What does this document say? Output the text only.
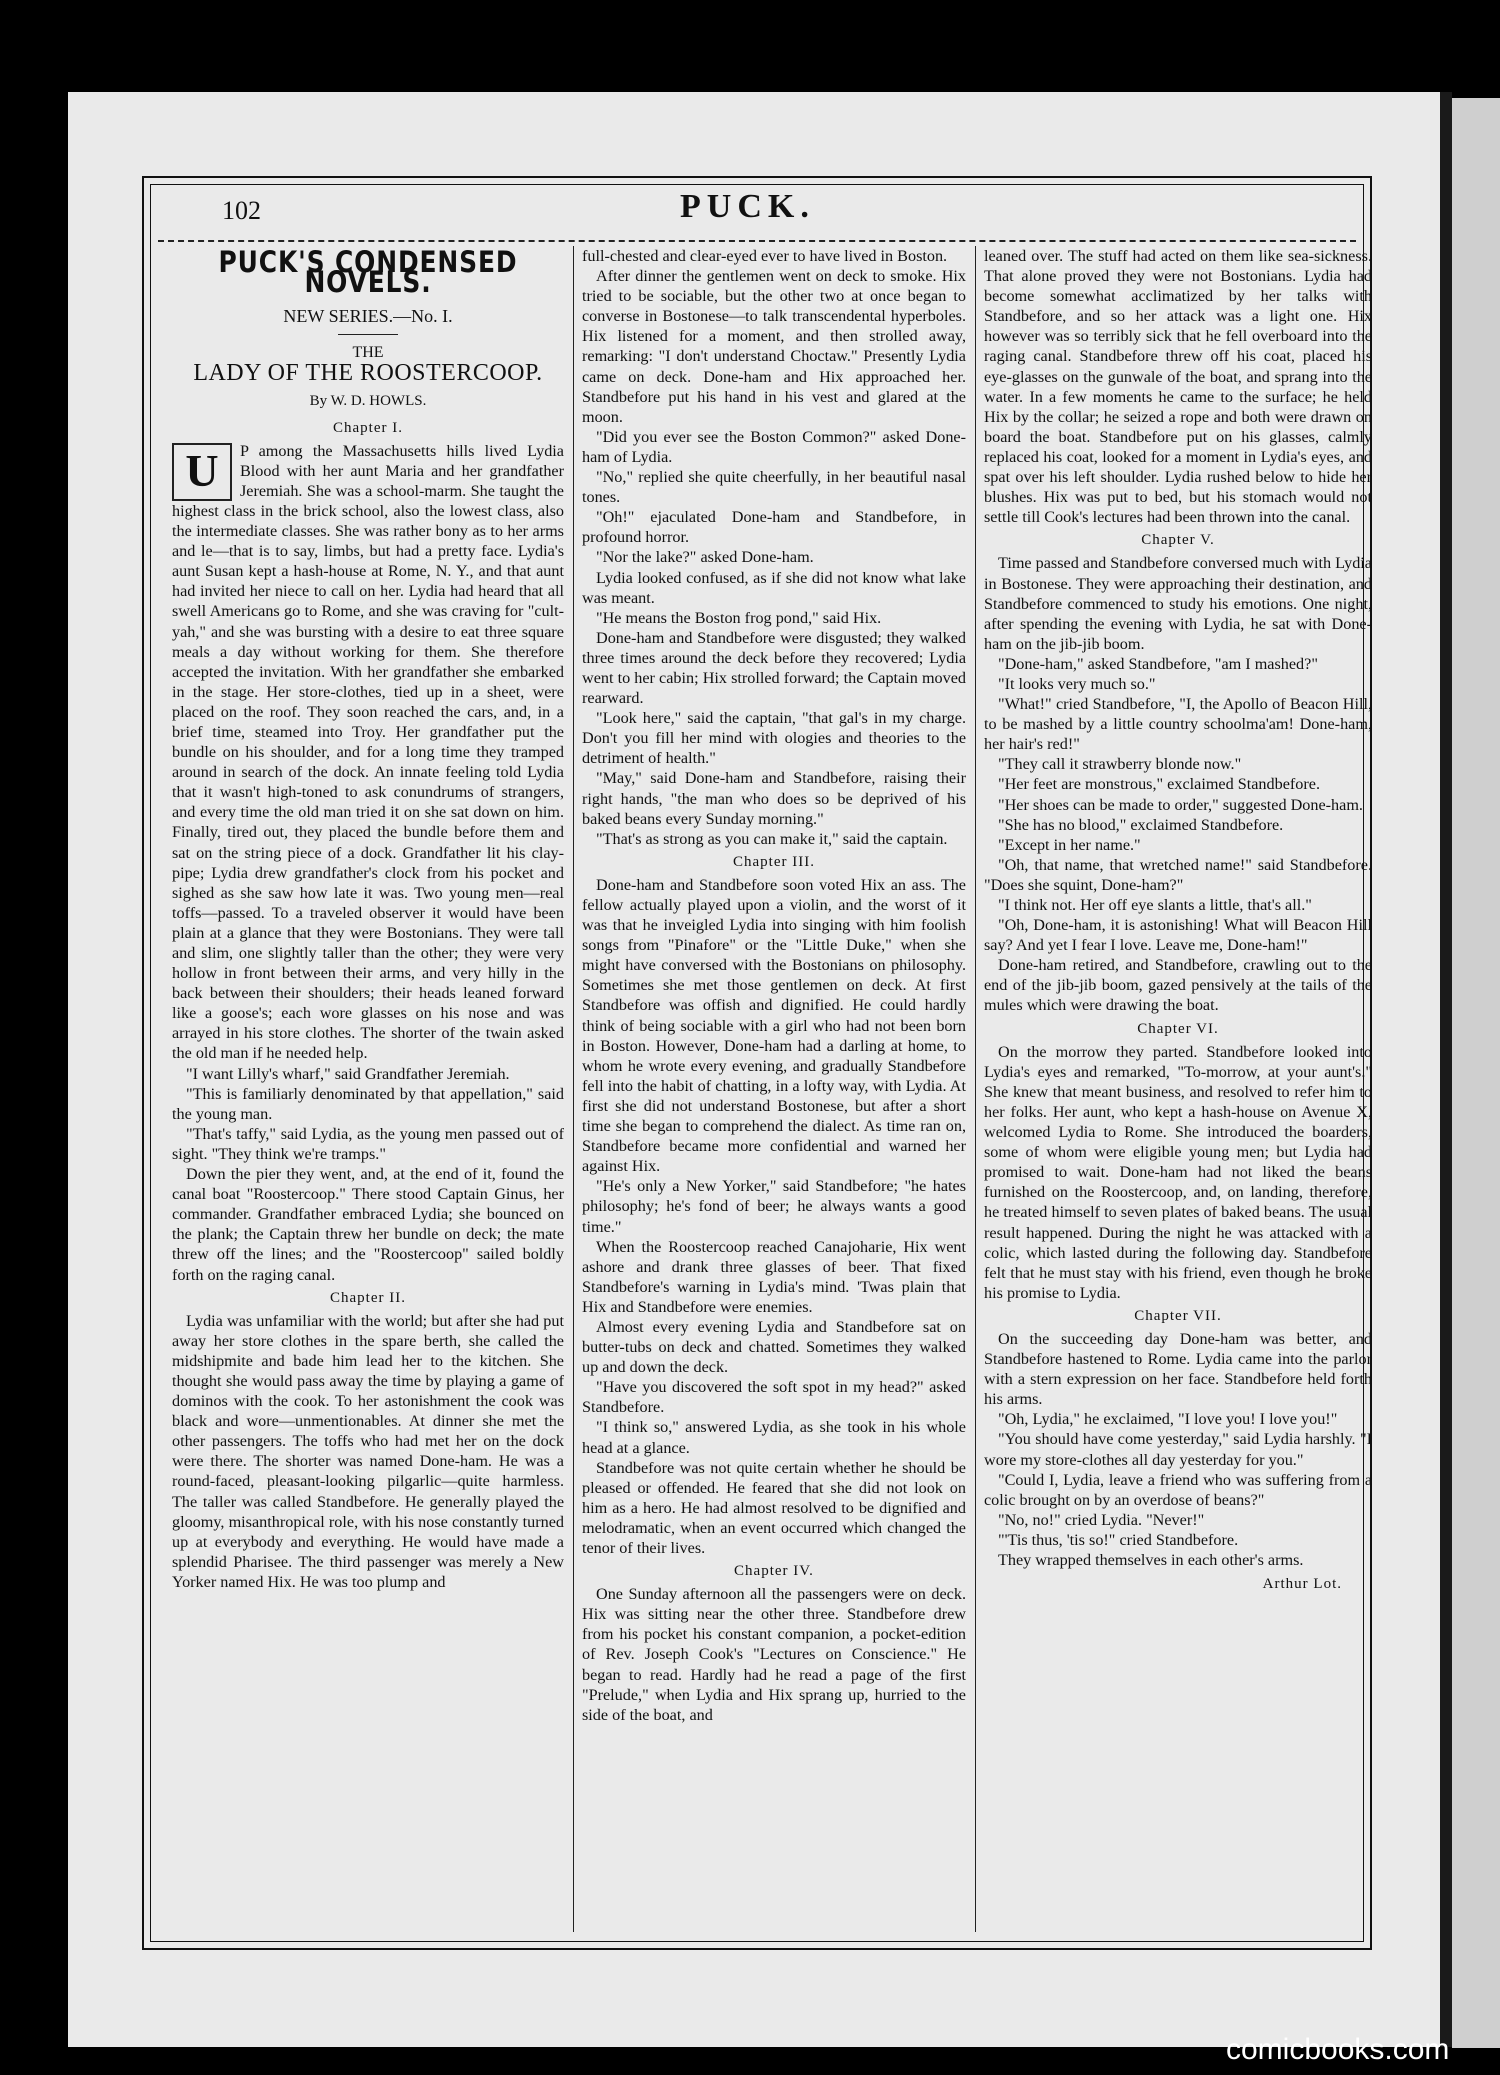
102	PUCK.
PUCK'S CONDENSED NOVELS.
NEW SERIES.—No. I.
THE
LADY OF THE ROOSTERCOOP.
By W. D. HOWLS.
Chapter I.

U	P among the Massachusetts hills lived Lydia Blood with her aunt Maria and her grandfather Jeremiah. She was a school-marm. She taught the highest class in the brick school, also the lowest class, also the intermediate classes. She was rather bony as to her arms and le—that is to say, limbs, but had a pretty face. Lydia's aunt Susan kept a hash-house at Rome, N. Y., and that aunt had invited her niece to call on her. Lydia had heard that all swell Americans go to Rome, and she was craving for "cult-yah," and she was bursting with a desire to eat three square meals a day without working for them. She therefore accepted the invitation. With her grandfather she embarked in the stage. Her store-clothes, tied up in a sheet, were placed on the roof. They soon reached the cars, and, in a brief time, steamed into Troy. Her grandfather put the bundle on his shoulder, and for a long time they tramped around in search of the dock. An innate feeling told Lydia that it wasn't high-toned to ask conundrums of strangers, and every time the old man tried it on she sat down on him. Finally, tired out, they placed the bundle before them and sat on the string piece of a dock. Grandfather lit his clay-pipe; Lydia drew grandfather's clock from his pocket and sighed as she saw how late it was. Two young men—real toffs—passed. To a traveled observer it would have been plain at a glance that they were Bostonians. They were tall and slim, one slightly taller than the other; they were very hollow in front between their arms, and very hilly in the back between their shoulders; their heads leaned forward like a goose's; each wore glasses on his nose and was arrayed in his store clothes. The shorter of the twain asked the old man if he needed help.

"I want Lilly's wharf," said Grandfather Jeremiah.

"This is familiarly denominated by that appellation," said the young man.

"That's taffy," said Lydia, as the young men passed out of sight. "They think we're tramps."

Down the pier they went, and, at the end of it, found the canal boat "Roostercoop." There stood Captain Ginus, her commander. Grandfather embraced Lydia; she bounced on the plank; the Captain threw her bundle on deck; the mate threw off the lines; and the "Roostercoop" sailed boldly forth on the raging canal.

Chapter II.

Lydia was unfamiliar with the world; but after she had put away her store clothes in the spare berth, she called the midshipmite and bade him lead her to the kitchen. She thought she would pass away the time by playing a game of dominos with the cook. To her astonishment the cook was black and wore—unmentionables. At dinner she met the other passengers. The toffs who had met her on the dock were there. The shorter was named Done-ham. He was a round-faced, pleasant-looking pilgarlic—quite harmless. The taller was called Standbefore. He generally played the gloomy, misanthropical role, with his nose constantly turned up at everybody and everything. He would have made a splendid Pharisee. The third passenger was merely a New Yorker named Hix. He was too plump and

full-chested and clear-eyed ever to have lived in Boston.

After dinner the gentlemen went on deck to smoke. Hix tried to be sociable, but the other two at once began to converse in Bostonese—to talk transcendental hyperboles. Hix listened for a moment, and then strolled away, remarking: "I don't understand Choctaw." Presently Lydia came on deck. Done-ham and Hix approached her. Standbefore put his hand in his vest and glared at the moon.

"Did you ever see the Boston Common?" asked Done-ham of Lydia.

"No," replied she quite cheerfully, in her beautiful nasal tones.

"Oh!" ejaculated Done-ham and Standbefore, in profound horror.

"Nor the lake?" asked Done-ham.

Lydia looked confused, as if she did not know what lake was meant.

"He means the Boston frog pond," said Hix.

Done-ham and Standbefore were disgusted; they walked three times around the deck before they recovered; Lydia went to her cabin; Hix strolled forward; the Captain moved rearward.

"Look here," said the captain, "that gal's in my charge. Don't you fill her mind with ologies and theories to the detriment of health."

"May," said Done-ham and Standbefore, raising their right hands, "the man who does so be deprived of his baked beans every Sunday morning."

"That's as strong as you can make it," said the captain.

Chapter III.

Done-ham and Standbefore soon voted Hix an ass. The fellow actually played upon a violin, and the worst of it was that he inveigled Lydia into singing with him foolish songs from "Pinafore" or the "Little Duke," when she might have conversed with the Bostonians on philosophy. Sometimes she met those gentlemen on deck. At first Standbefore was offish and dignified. He could hardly think of being sociable with a girl who had not been born in Boston. However, Done-ham had a darling at home, to whom he wrote every evening, and gradually Standbefore fell into the habit of chatting, in a lofty way, with Lydia. At first she did not understand Bostonese, but after a short time she began to comprehend the dialect. As time ran on, Standbefore became more confidential and warned her against Hix.

"He's only a New Yorker," said Standbefore; "he hates philosophy; he's fond of beer; he always wants a good time."

When the Roostercoop reached Canajoharie, Hix went ashore and drank three glasses of beer. That fixed Standbefore's warning in Lydia's mind. 'Twas plain that Hix and Standbefore were enemies.

Almost every evening Lydia and Standbefore sat on butter-tubs on deck and chatted. Sometimes they walked up and down the deck.

"Have you discovered the soft spot in my head?" asked Standbefore.

"I think so," answered Lydia, as she took in his whole head at a glance.

Standbefore was not quite certain whether he should be pleased or offended. He feared that she did not look on him as a hero. He had almost resolved to be dignified and melodramatic, when an event occurred which changed the tenor of their lives.

Chapter IV.

One Sunday afternoon all the passengers were on deck. Hix was sitting near the other three. Standbefore drew from his pocket his constant companion, a pocket-edition of Rev. Joseph Cook's "Lectures on Conscience." He began to read. Hardly had he read a page of the first "Prelude," when Lydia and Hix sprang up, hurried to the side of the boat, and

leaned over. The stuff had acted on them like sea-sickness. That alone proved they were not Bostonians. Lydia had become somewhat acclimatized by her talks with Standbefore, and so her attack was a light one. Hix however was so terribly sick that he fell overboard into the raging canal. Standbefore threw off his coat, placed his eye-glasses on the gunwale of the boat, and sprang into the water. In a few moments he came to the surface; he held Hix by the collar; he seized a rope and both were drawn on board the boat. Standbefore put on his glasses, calmly replaced his coat, looked for a moment in Lydia's eyes, and spat over his left shoulder. Lydia rushed below to hide her blushes. Hix was put to bed, but his stomach would not settle till Cook's lectures had been thrown into the canal.

Chapter V.

Time passed and Standbefore conversed much with Lydia in Bostonese. They were approaching their destination, and Standbefore commenced to study his emotions. One night, after spending the evening with Lydia, he sat with Done-ham on the jib-jib boom.

"Done-ham," asked Standbefore, "am I mashed?"

"It looks very much so."

"What!" cried Standbefore, "I, the Apollo of Beacon Hill, to be mashed by a little country schoolma'am! Done-ham, her hair's red!"

"They call it strawberry blonde now."

"Her feet are monstrous," exclaimed Standbefore.

"Her shoes can be made to order," suggested Done-ham.

"She has no blood," exclaimed Standbefore.

"Except in her name."

"Oh, that name, that wretched name!" said Standbefore. "Does she squint, Done-ham?"

"I think not. Her off eye slants a little, that's all."

"Oh, Done-ham, it is astonishing! What will Beacon Hill say? And yet I fear I love. Leave me, Done-ham!"

Done-ham retired, and Standbefore, crawling out to the end of the jib-jib boom, gazed pensively at the tails of the mules which were drawing the boat.

Chapter VI.

On the morrow they parted. Standbefore looked into Lydia's eyes and remarked, "To-morrow, at your aunt's." She knew that meant business, and resolved to refer him to her folks. Her aunt, who kept a hash-house on Avenue X, welcomed Lydia to Rome. She introduced the boarders, some of whom were eligible young men; but Lydia had promised to wait. Done-ham had not liked the beans furnished on the Roostercoop, and, on landing, therefore, he treated himself to seven plates of baked beans. The usual result happened. During the night he was attacked with a colic, which lasted during the following day. Standbefore felt that he must stay with his friend, even though he broke his promise to Lydia.

Chapter VII.

On the succeeding day Done-ham was better, and Standbefore hastened to Rome. Lydia came into the parlor with a stern expression on her face. Standbefore held forth his arms.

"Oh, Lydia," he exclaimed, "I love you! I love you!"

"You should have come yesterday," said Lydia harshly. "I wore my store-clothes all day yesterday for you."

"Could I, Lydia, leave a friend who was suffering from a colic brought on by an overdose of beans?"

"No, no!" cried Lydia. "Never!"

"'Tis thus, 'tis so!" cried Standbefore.

They wrapped themselves in each other's arms.

Arthur Lot.
comicbooks.com
